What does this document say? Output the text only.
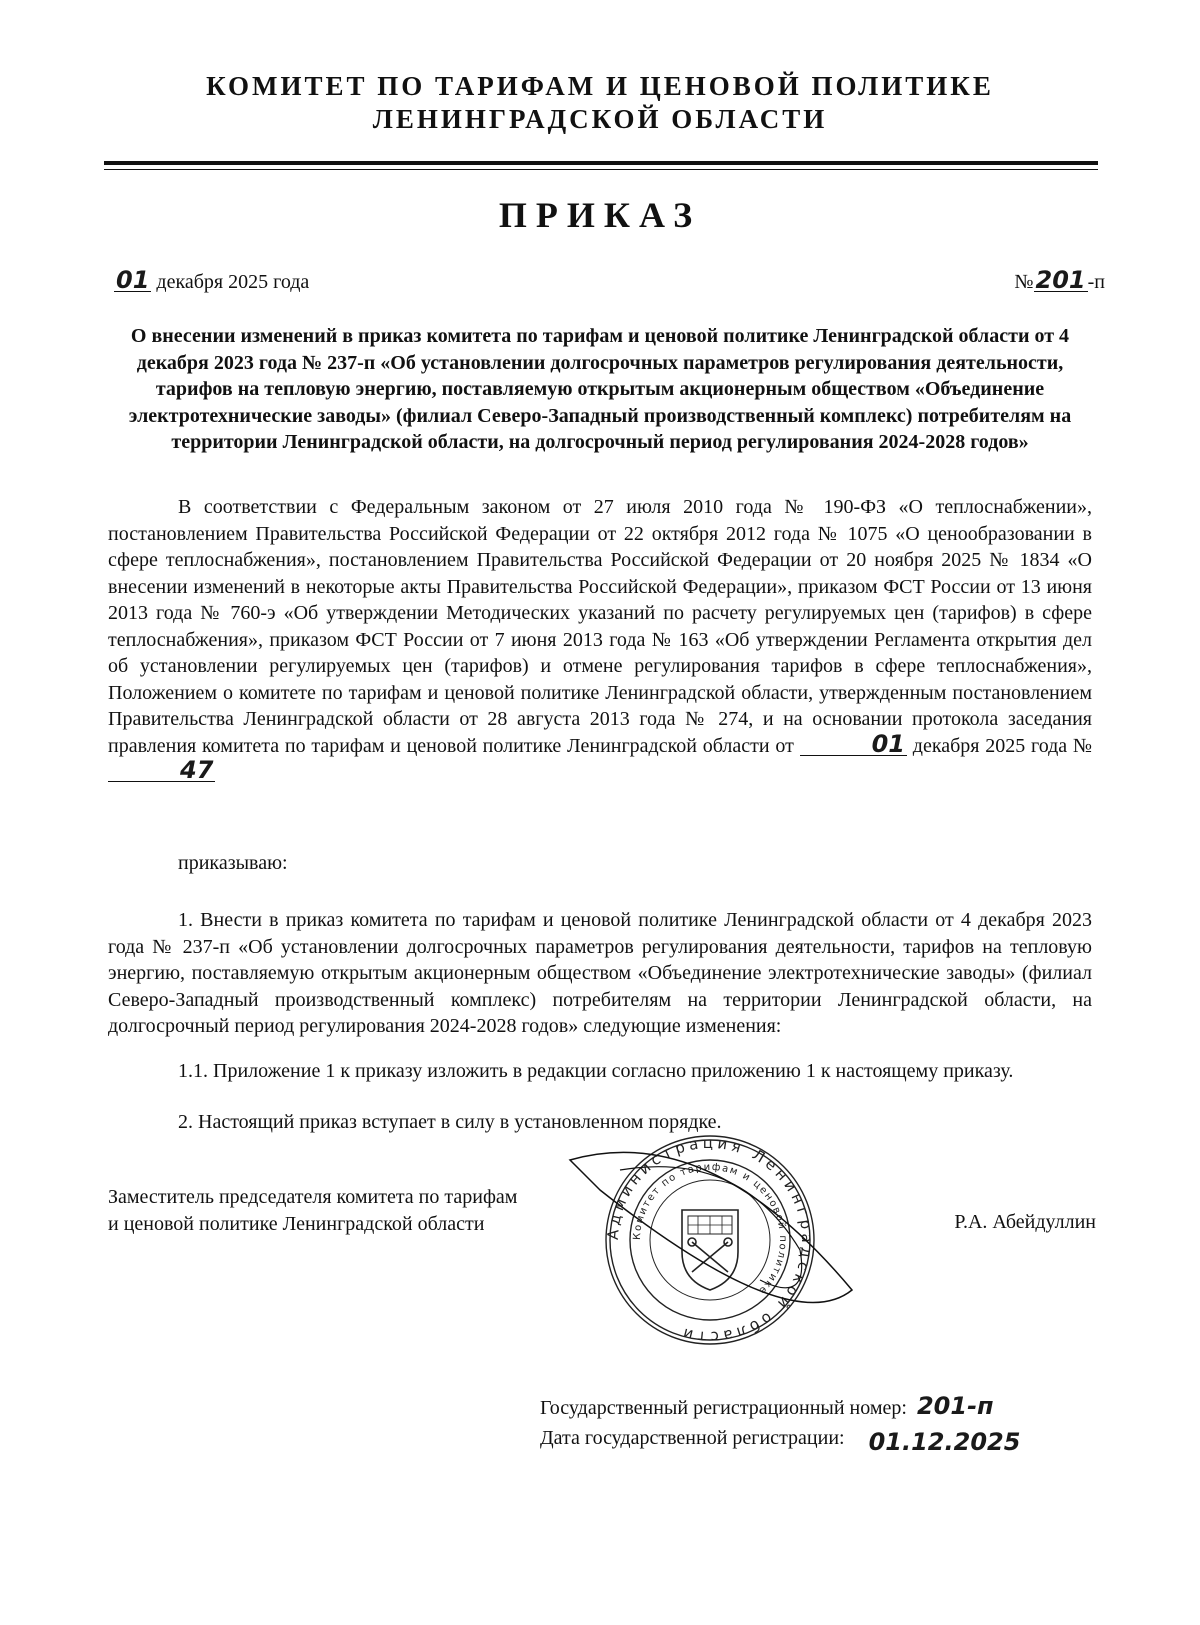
КОМИТЕТ ПО ТАРИФАМ И ЦЕНОВОЙ ПОЛИТИКЕ
ЛЕНИНГРАДСКОЙ ОБЛАСТИ
ПРИКАЗ
01 декабря 2025 года	№201 -п

О внесении изменений в приказ комитета по тарифам и ценовой политике Ленинградской области от 4 декабря 2023 года № 237-п «Об установлении долгосрочных параметров регулирования деятельности, тарифов на тепловую энергию, поставляемую открытым акционерным обществом «Объединение электротехнические заводы» (филиал Северо-Западный производственный комплекс) потребителям на территории Ленинградской области, на долгосрочный период регулирования 2024-2028 годов»

В соответствии с Федеральным законом от 27 июля 2010 года № 190-ФЗ «О теплоснабжении», постановлением Правительства Российской Федерации от 22 октября 2012 года № 1075 «О ценообразовании в сфере теплоснабжения», постановлением Правительства Российской Федерации от 20 ноября 2025 № 1834 «О внесении изменений в некоторые акты Правительства Российской Федерации», приказом ФСТ России от 13 июня 2013 года № 760-э «Об утверждении Методических указаний по расчету регулируемых цен (тарифов) в сфере теплоснабжения», приказом ФСТ России от 7 июня 2013 года № 163 «Об утверждении Регламента открытия дел об установлении регулируемых цен (тарифов) и отмене регулирования тарифов в сфере теплоснабжения», Положением о комитете по тарифам и ценовой политике Ленинградской области, утвержденным постановлением Правительства Ленинградской области от 28 августа 2013 года № 274, и на основании протокола заседания правления комитета по тарифам и ценовой политике Ленинградской области от	01 декабря 2025 года № 47

приказываю:

1. Внести в приказ комитета по тарифам и ценовой политике Ленинградской области от 4 декабря 2023 года № 237-п «Об установлении долгосрочных параметров регулирования деятельности, тарифов на тепловую энергию, поставляемую открытым акционерным обществом «Объединение электротехнические заводы» (филиал Северо-Западный производственный комплекс) потребителям на территории Ленинградской области, на долгосрочный период регулирования 2024-2028 годов» следующие изменения:

1.1. Приложение 1 к приказу изложить в редакции согласно приложению 1 к настоящему приказу.

2. Настоящий приказ вступает в силу в установленном порядке.

Заместитель председателя комитета по тарифам
и ценовой политике Ленинградской области	Р.А. Абейдуллин
Администрация Ленинградской области
Комитет по тарифам и ценовой политике
Государственный регистрационный номер: 201-п
Дата государственной регистрации: 01.12.2025
